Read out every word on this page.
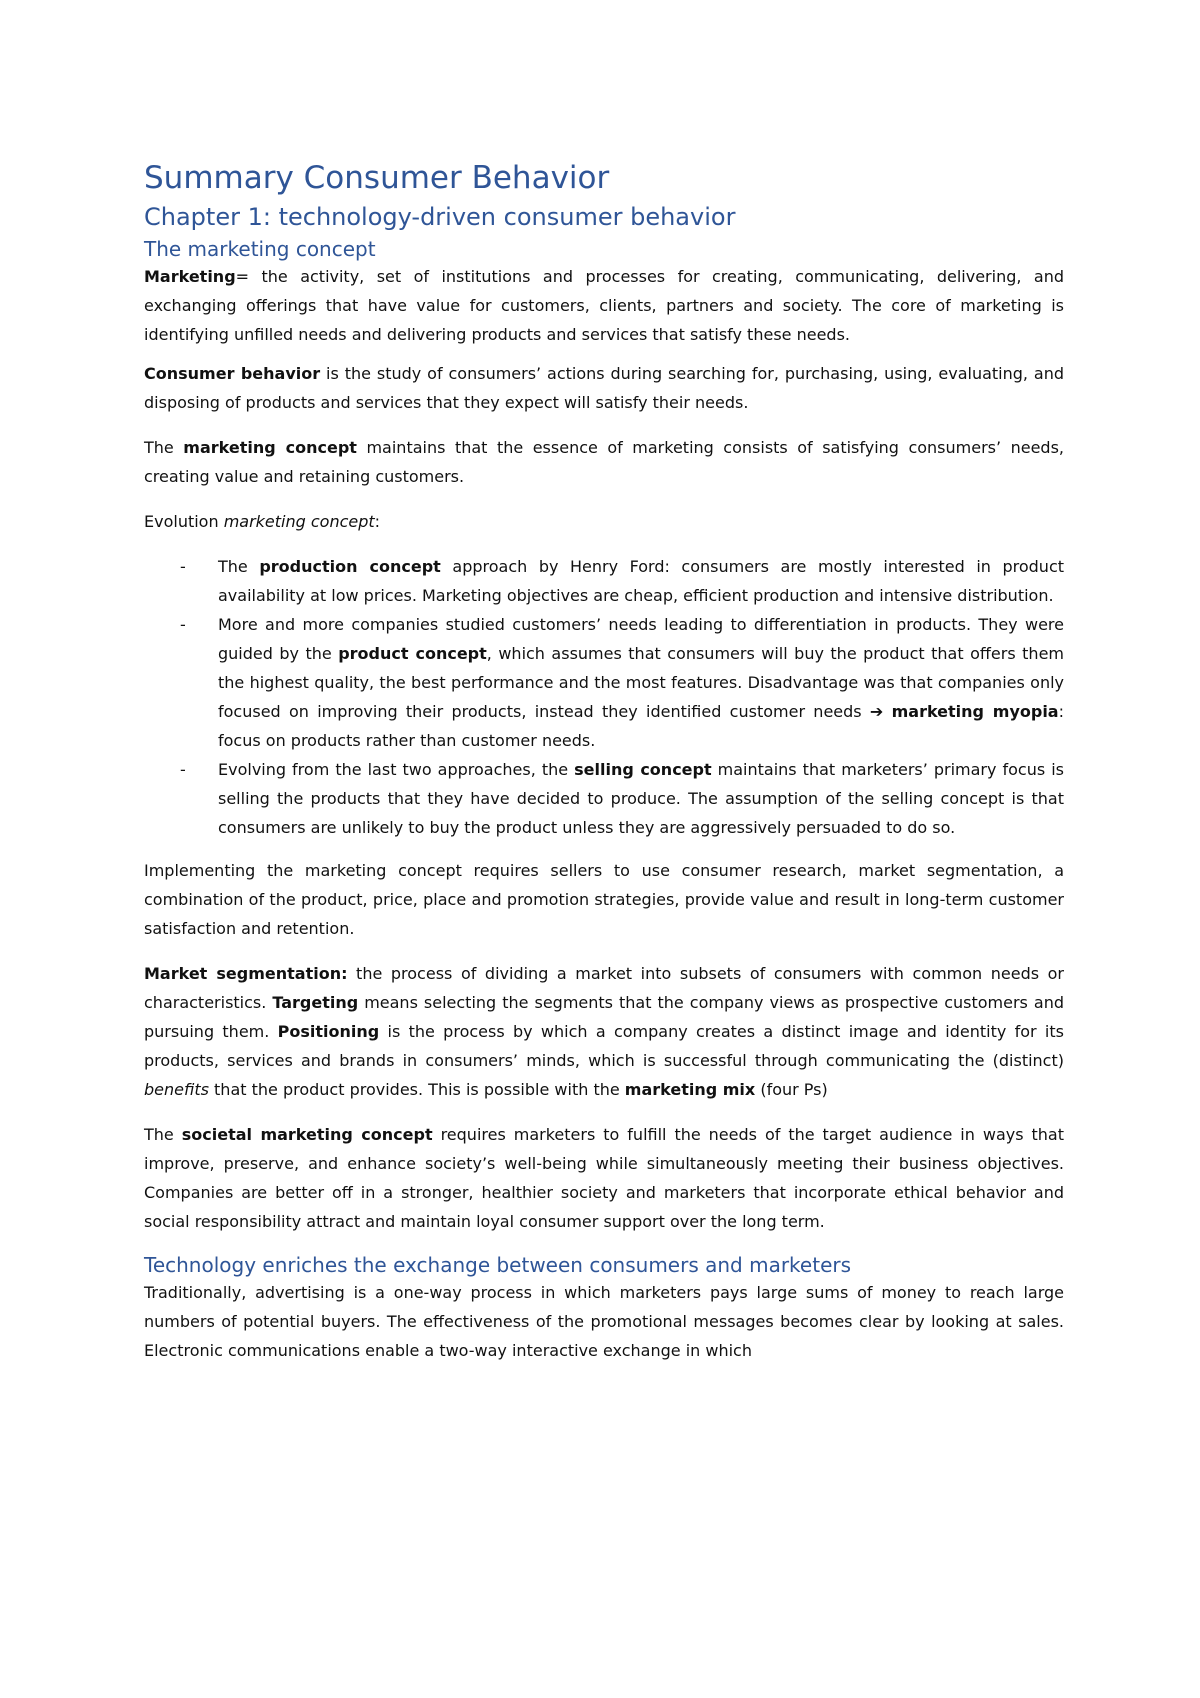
Summary Consumer Behavior
Chapter 1: technology-driven consumer behavior
The marketing concept

Marketing= the activity, set of institutions and processes for creating, communicating, delivering, and exchanging offerings that have value for customers, clients, partners and society. The core of marketing is identifying unfilled needs and delivering products and services that satisfy these needs.

Consumer behavior is the study of consumers’ actions during searching for, purchasing, using, evaluating, and disposing of products and services that they expect will satisfy their needs.

The marketing concept maintains that the essence of marketing consists of satisfying consumers’ needs, creating value and retaining customers.

Evolution marketing concept:

- The production concept approach by Henry Ford: consumers are mostly interested in product availability at low prices. Marketing objectives are cheap, efficient production and intensive distribution.
- More and more companies studied customers’ needs leading to differentiation in products. They were guided by the product concept, which assumes that consumers will buy the product that offers them the highest quality, the best performance and the most features. Disadvantage was that companies only focused on improving their products, instead they identified customer needs ➔ marketing myopia: focus on products rather than customer needs.
- Evolving from the last two approaches, the selling concept maintains that marketers’ primary focus is selling the products that they have decided to produce. The assumption of the selling concept is that consumers are unlikely to buy the product unless they are aggressively persuaded to do so.

Implementing the marketing concept requires sellers to use consumer research, market segmentation, a combination of the product, price, place and promotion strategies, provide value and result in long-term customer satisfaction and retention.

Market segmentation: the process of dividing a market into subsets of consumers with common needs or characteristics. Targeting means selecting the segments that the company views as prospective customers and pursuing them. Positioning is the process by which a company creates a distinct image and identity for its products, services and brands in consumers’ minds, which is successful through communicating the (distinct) benefits that the product provides. This is possible with the marketing mix (four Ps)

The societal marketing concept requires marketers to fulfill the needs of the target audience in ways that improve, preserve, and enhance society’s well-being while simultaneously meeting their business objectives. Companies are better off in a stronger, healthier society and marketers that incorporate ethical behavior and social responsibility attract and maintain loyal consumer support over the long term.

Technology enriches the exchange between consumers and marketers

Traditionally, advertising is a one-way process in which marketers pays large sums of money to reach large numbers of potential buyers. The effectiveness of the promotional messages becomes clear by looking at sales. Electronic communications enable a two-way interactive exchange in which
